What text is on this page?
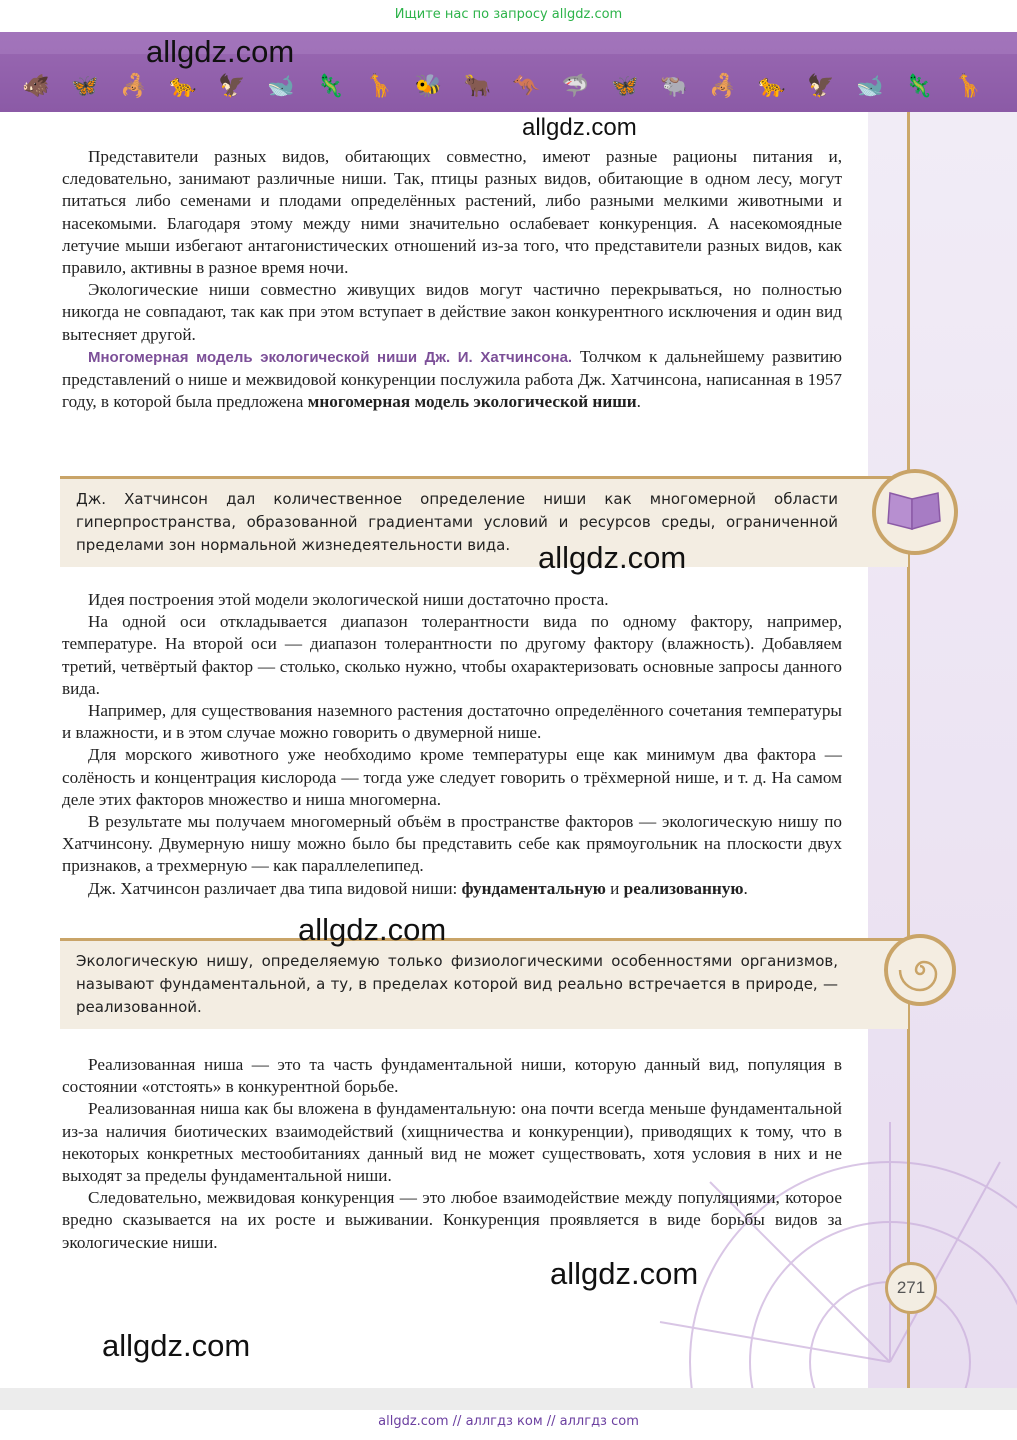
Ищите нас по запросу allgdz.com
🐗 🦋 🦂 🐆 🦅 🐋 🦎 🦒 🐝 🐂 🦘 🦈 🦋 🐃 🦂 🐆 🦅 🐋 🦎 🦒

Представители разных видов, обитающих совместно, имеют разные рационы питания и, следовательно, занимают различные ниши. Так, птицы разных видов, обитающие в одном лесу, могут питаться либо семенами и плодами определённых растений, либо разными мелкими животными и насекомыми. Благодаря этому между ними значительно ослабевает конкуренция. А насекомоядные летучие мыши избегают антагонистических отношений из-за того, что представители разных видов, как правило, активны в разное время ночи.

Экологические ниши совместно живущих видов могут частично перекрываться, но полностью никогда не совпадают, так как при этом вступает в действие закон конкурентного исключения и один вид вытесняет другой.

Многомерная модель экологической ниши Дж. И. Хатчинсона. Толчком к дальнейшему развитию представлений о нише и межвидовой конкуренции послужила работа Дж. Хатчинсона, написанная в 1957 году, в которой была предложена многомерная модель экологической ниши.

Дж. Хатчинсон дал количественное определение ниши как многомерной области гиперпространства, образованной градиентами условий и ресурсов среды, ограниченной пределами зон нормальной жизнедеятельности вида.

Идея построения этой модели экологической ниши достаточно проста.

На одной оси откладывается диапазон толерантности вида по одному фактору, например, температуре. На второй оси — диапазон толерантности по другому фактору (влажность). Добавляем третий, четвёртый фактор — столько, сколько нужно, чтобы охарактеризовать основные запросы данного вида.

Например, для существования наземного растения достаточно определённого сочетания температуры и влажности, и в этом случае можно говорить о двумерной нише.

Для морского животного уже необходимо кроме температуры еще как минимум два фактора — солёность и концентрация кислорода — тогда уже следует говорить о трёхмерной нише, и т. д. На самом деле этих факторов множество и ниша многомерна.

В результате мы получаем многомерный объём в пространстве факторов — экологическую нишу по Хатчинсону. Двумерную нишу можно было бы представить себе как прямоугольник на плоскости двух признаков, а трехмерную — как параллелепипед.

Дж. Хатчинсон различает два типа видовой ниши: фундаментальную и реализованную.

Экологическую нишу, определяемую только физиологическими особенностями организмов, называют фундаментальной, а ту, в пределах которой вид реально встречается в природе, — реализованной.

Реализованная ниша — это та часть фундаментальной ниши, которую данный вид, популяция в состоянии «отстоять» в конкурентной борьбе.

Реализованная ниша как бы вложена в фундаментальную: она почти всегда меньше фундаментальной из-за наличия биотических взаимодействий (хищничества и конкуренции), приводящих к тому, что в некоторых конкретных местообитаниях данный вид не может существовать, хотя условия в них и не выходят за пределы фундаментальной ниши.

Следовательно, межвидовая конкуренция — это любое взаимодействие между популяциями, которое вредно сказывается на их росте и выживании. Конкуренция проявляется в виде борьбы видов за экологические ниши.

271
allgdz.com
allgdz.com
allgdz.com
allgdz.com
allgdz.com
allgdz.com
allgdz.com // аллгдз ком // аллгдз com
